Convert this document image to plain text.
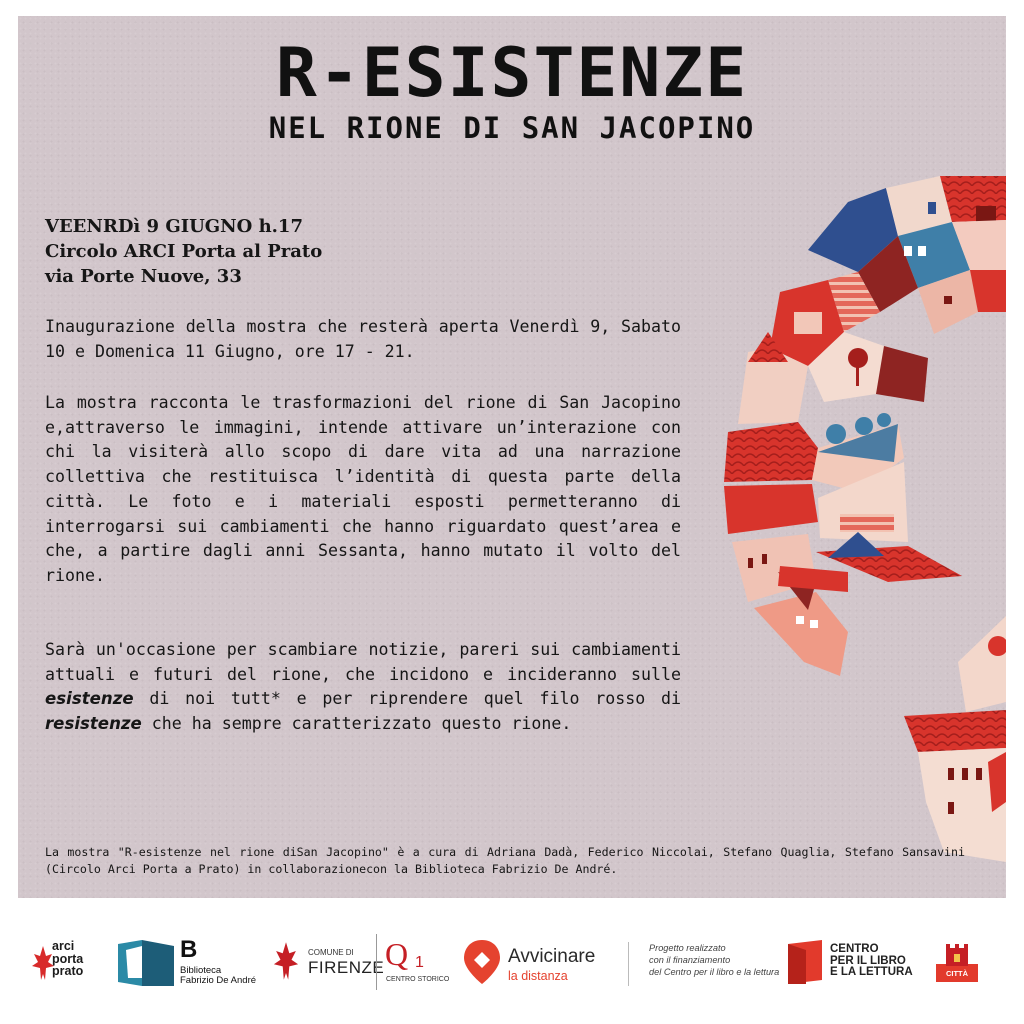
R-ESISTENZE
NEL RIONE DI SAN JACOPINO
VEENRDì 9 GIUGNO h.17
Circolo ARCI Porta al Prato
via Porte Nuove, 33
Inaugurazione della mostra che resterà aperta Venerdì 9, Sabato 10 e Domenica 11 Giugno, ore 17 - 21.
La mostra racconta le trasformazioni del rione di San Jacopino e,attraverso le immagini, intende attivare un’interazione con chi la visiterà allo scopo di dare vita ad una narrazione collettiva che restituisca l’identità di questa parte della città. Le foto e i materiali esposti permetteranno di interrogarsi sui cambiamenti che hanno riguardato quest’area e che, a partire dagli anni Sessanta, hanno mutato il volto del rione.
Sarà un'occasione per scambiare notizie, pareri sui cambiamenti attuali e futuri del rione, che incidono e incideranno sulle esistenze di noi tutt* e per riprendere quel filo rosso di resistenze che ha sempre caratterizzato questo rione.
La mostra "R-esistenze nel rione diSan Jacopino" è a cura di Adriana Dadà, Federico Niccolai, Stefano Quaglia, Stefano Sansavini (Circolo Arci Porta a Prato) in collaborazionecon la Biblioteca Fabrizio De André.
arci
porta
prato
B
Biblioteca
Fabrizio De André
COMUNE DI
FIRENZE Q 1
CENTRO STORICO
Avvicinare
la distanza
Progetto realizzato
con il finanziamento
del Centro per il libro e la lettura
CENTRO
PER IL LIBRO
E LA LETTURA	CITTÀ
